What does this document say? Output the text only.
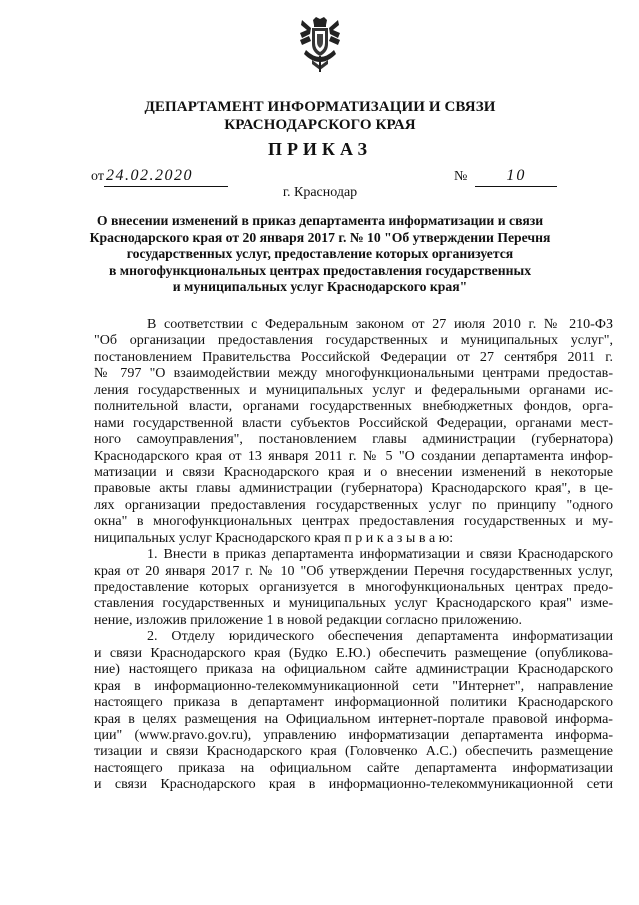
ДЕПАРТАМЕНТ ИНФОРМАТИЗАЦИИ И СВЯЗИ
КРАСНОДАРСКОГО КРАЯ
ПРИКАЗ
от 24.02.2020	№ 10
г. Краснодар
О внесении изменений в приказ департамента информатизации и связи
Краснодарского края от 20 января 2017 г. № 10 "Об утверждении Перечня
государственных услуг, предоставление которых организуется
в многофункциональных центрах предоставления государственных
и муниципальных услуг Краснодарского края"
В соответствии с Федеральным законом от 27 июля 2010 г. № 210-ФЗ
"Об организации предоставления государственных и муниципальных услуг",
постановлением Правительства Российской Федерации от 27 сентября 2011 г.
№ 797 "О взаимодействии между многофункциональными центрами предостав-
ления государственных и муниципальных услуг и федеральными органами ис-
полнительной власти, органами государственных внебюджетных фондов, орга-
нами государственной власти субъектов Российской Федерации, органами мест-
ного самоуправления", постановлением главы администрации (губернатора)
Краснодарского края от 13 января 2011 г. № 5 "О создании департамента инфор-
матизации и связи Краснодарского края и о внесении изменений в некоторые
правовые акты главы администрации (губернатора) Краснодарского края", в це-
лях организации предоставления государственных услуг по принципу "одного
окна" в многофункциональных центрах предоставления государственных и му-
ниципальных услуг Краснодарского края п р и к а з ы в а ю:
1. Внести в приказ департамента информатизации и связи Краснодарского
края от 20 января 2017 г. № 10 "Об утверждении Перечня государственных услуг,
предоставление которых организуется в многофункциональных центрах предо-
ставления государственных и муниципальных услуг Краснодарского края" изме-
нение, изложив приложение 1 в новой редакции согласно приложению.
2. Отделу юридического обеспечения департамента информатизации
и связи Краснодарского края (Будко Е.Ю.) обеспечить размещение (опубликова-
ние) настоящего приказа на официальном сайте администрации Краснодарского
края в информационно-телекоммуникационной сети "Интернет", направление
настоящего приказа в департамент информационной политики Краснодарского
края в целях размещения на Официальном интернет-портале правовой информа-
ции" (www.pravo.gov.ru), управлению информатизации департамента информа-
тизации и связи Краснодарского края (Головченко А.С.) обеспечить размещение
настоящего приказа на официальном сайте департамента информатизации
и связи Краснодарского края в информационно-телекоммуникационной сети
